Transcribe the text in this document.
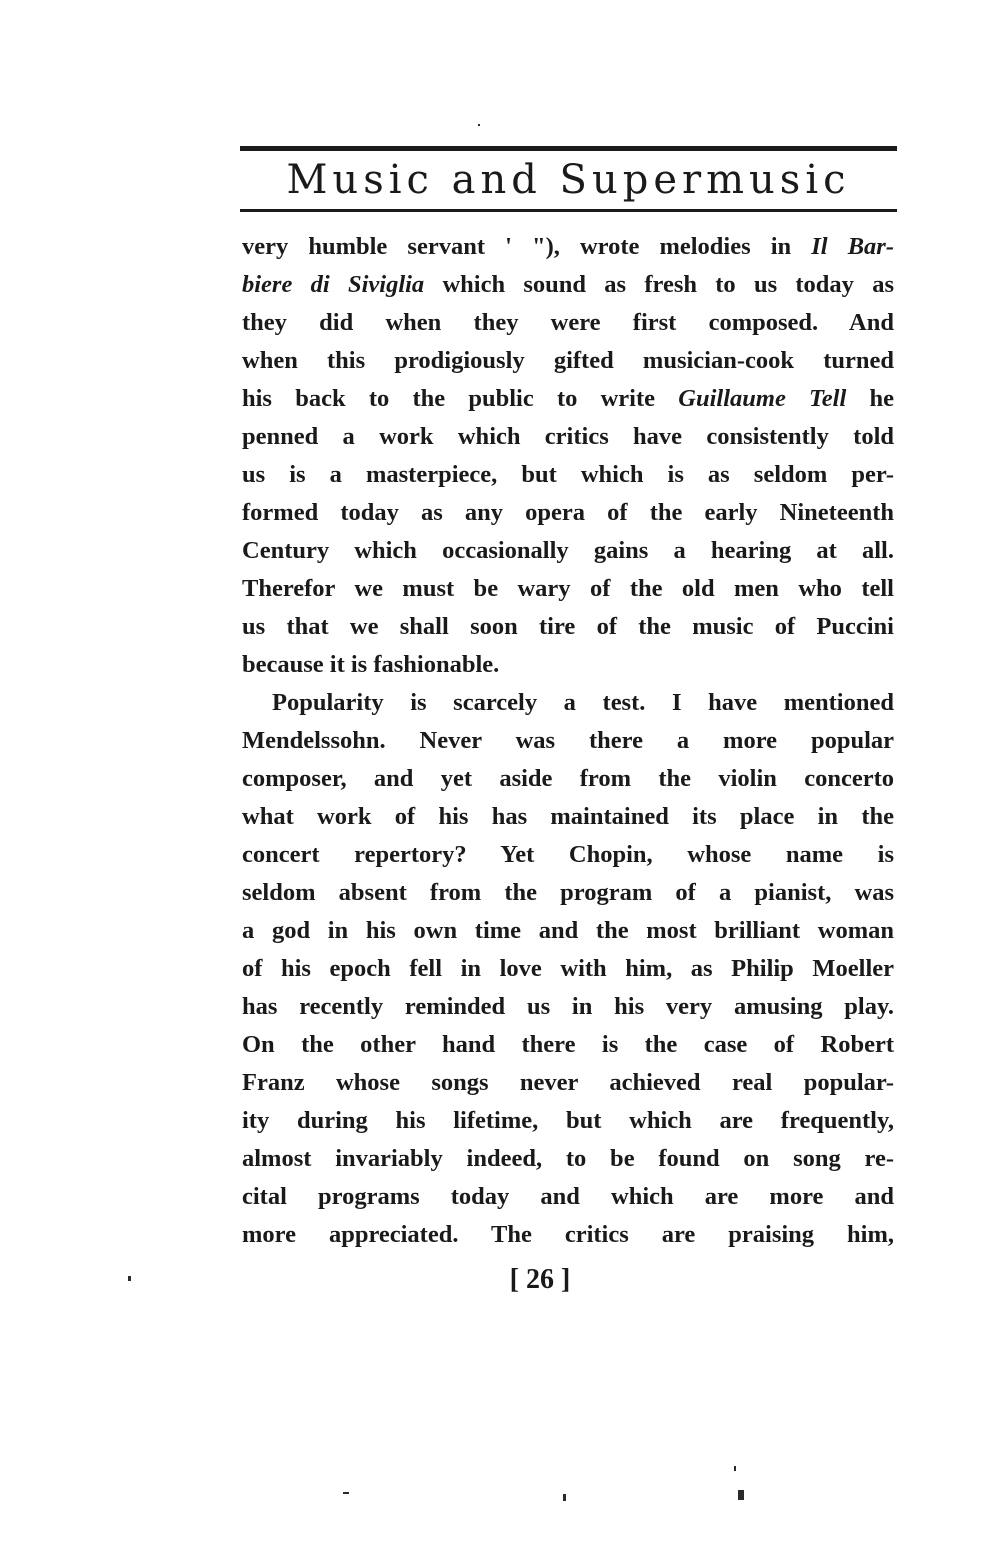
Music and Supermusic
very humble servant ' "), wrote melodies in Il Bar-
biere di Siviglia which sound as fresh to us today as
they did when they were first composed. And
when this prodigiously gifted musician-cook turned
his back to the public to write Guillaume Tell he
penned a work which critics have consistently told
us is a masterpiece, but which is as seldom per-
formed today as any opera of the early Nineteenth
Century which occasionally gains a hearing at all.
Therefor we must be wary of the old men who tell
us that we shall soon tire of the music of Puccini
because it is fashionable.
Popularity is scarcely a test. I have mentioned
Mendelssohn. Never was there a more popular
composer, and yet aside from the violin concerto
what work of his has maintained its place in the
concert repertory? Yet Chopin, whose name is
seldom absent from the program of a pianist, was
a god in his own time and the most brilliant woman
of his epoch fell in love with him, as Philip Moeller
has recently reminded us in his very amusing play.
On the other hand there is the case of Robert
Franz whose songs never achieved real popular-
ity during his lifetime, but which are frequently,
almost invariably indeed, to be found on song re-
cital programs today and which are more and
more appreciated. The critics are praising him,
[ 26 ]
